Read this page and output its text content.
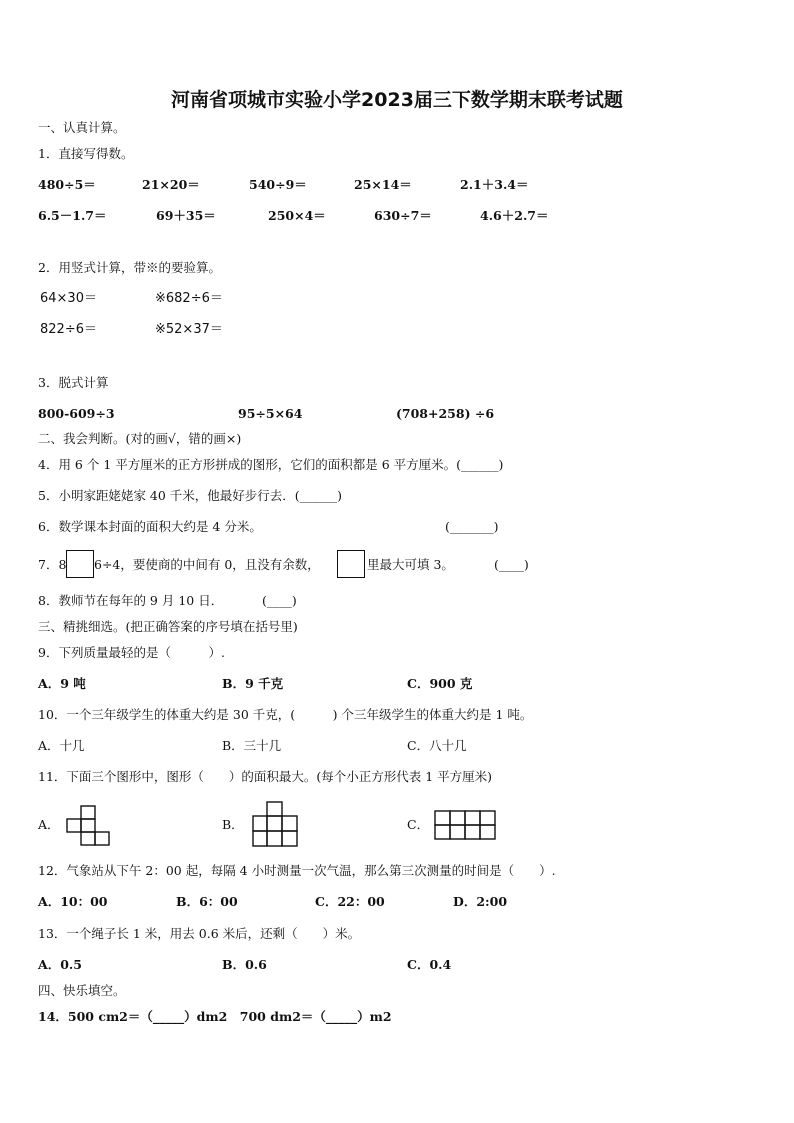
河南省项城市实验小学2023届三下数学期末联考试题
一、认真计算。
1．直接写得数。
480÷5＝	21×20＝	540÷9＝	25×14＝	2.1＋3.4＝
6.5－1.7＝	69＋35＝	250×4＝	630÷7＝	4.6＋2.7＝
2．用竖式计算，带※的要验算。
64×30＝	※682÷6＝
822÷6＝	※52×37＝
3．脱式计算
800-609÷3	95÷5×64	(708+258) ÷6
二、我会判断。(对的画√，错的画×)
4．用 6 个 1 平方厘米的正方形拼成的图形，它们的面积都是 6 平方厘米。(______)
5．小明家距姥姥家 40 千米，他最好步行去．(______)
6．数学课本封面的面积大约是 4 分米。	(_______)
7．8 6÷4，要使商的中间有 0，且没有余数，	里最大可填 3。	(____)
8．教师节在每年的 9 月 10 日．	(____)
三、精挑细选。(把正确答案的序号填在括号里)
9．下列质量最轻的是（　　　）.
A．9 吨	B．9 千克	C．900 克
10．一个三年级学生的体重大约是 30 千克，(　　　) 个三年级学生的体重大约是 1 吨。
A．十几	B．三十几	C．八十几
11．下面三个图形中，图形（　　）的面积最大。(每个小正方形代表 1 平方厘米)
A．	B．	C．
12．气象站从下午 2：00 起，每隔 4 小时测量一次气温，那么第三次测量的时间是（　　）.
A．10：00	B．6：00	C．22：00	D．2:00
13．一个绳子长 1 米，用去 0.6 米后，还剩（　　）米。
A．0.5	B．0.6	C．0.4
四、快乐填空。
14．500 cm2＝（_____）dm2　700 dm2＝（_____）m2
